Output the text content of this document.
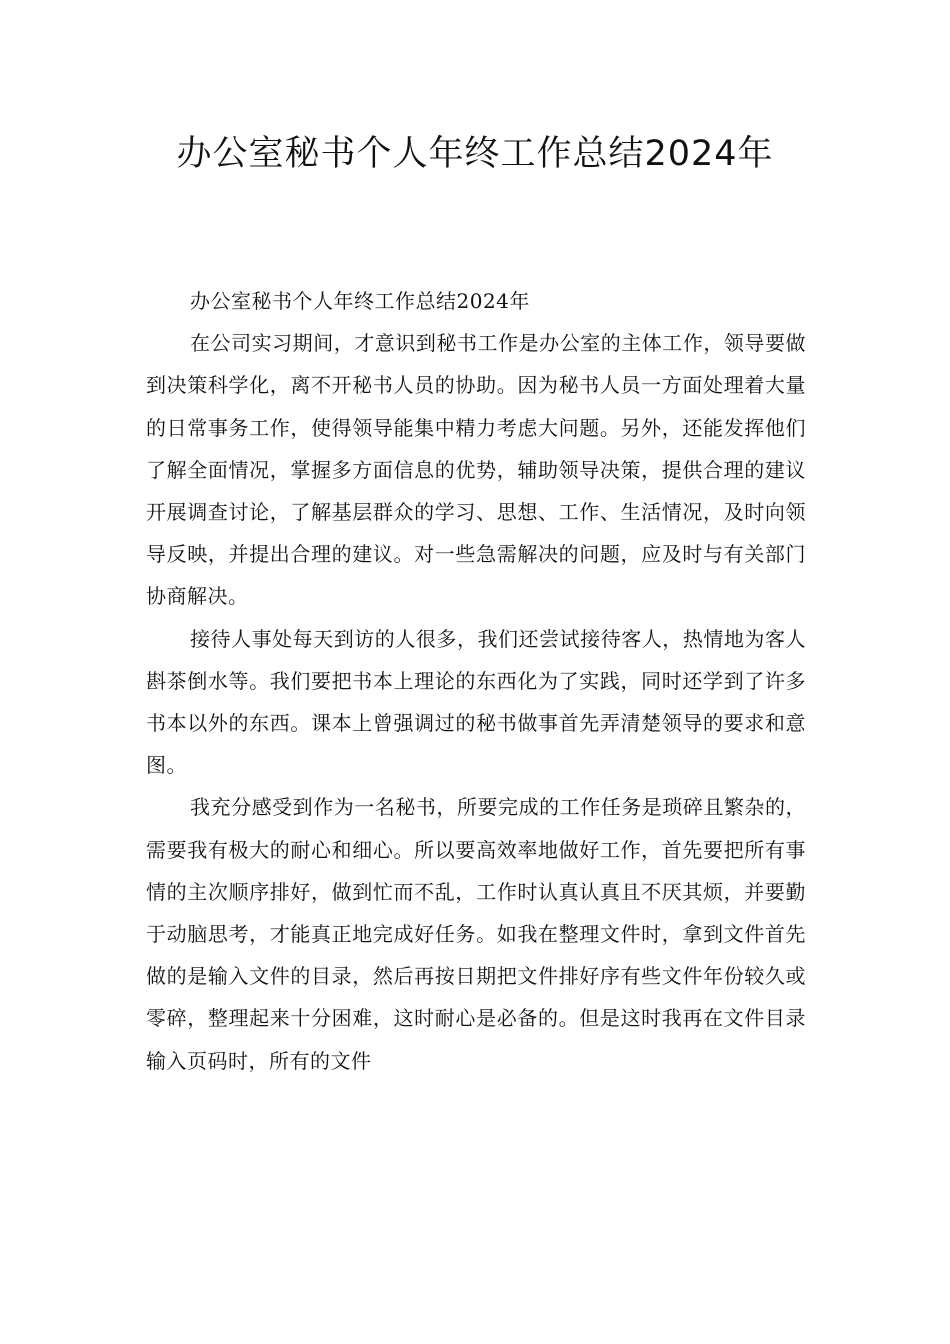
办公室秘书个人年终工作总结2024年

办公室秘书个人年终工作总结2024年

在公司实习期间，才意识到秘书工作是办公室的主体工作，领导要做到决策科学化，离不开秘书人员的协助。因为秘书人员一方面处理着大量的日常事务工作，使得领导能集中精力考虑大问题。另外，还能发挥他们了解全面情况，掌握多方面信息的优势，辅助领导决策，提供合理的建议开展调查讨论，了解基层群众的学习、思想、工作、生活情况，及时向领导反映，并提出合理的建议。对一些急需解决的问题，应及时与有关部门协商解决。

接待人事处每天到访的人很多，我们还尝试接待客人，热情地为客人斟茶倒水等。我们要把书本上理论的东西化为了实践，同时还学到了许多书本以外的东西。课本上曾强调过的秘书做事首先弄清楚领导的要求和意图。

我充分感受到作为一名秘书，所要完成的工作任务是琐碎且繁杂的，需要我有极大的耐心和细心。所以要高效率地做好工作，首先要把所有事情的主次顺序排好，做到忙而不乱，工作时认真认真且不厌其烦，并要勤于动脑思考，才能真正地完成好任务。如我在整理文件时，拿到文件首先做的是输入文件的目录，然后再按日期把文件排好序有些文件年份较久或零碎，整理起来十分困难，这时耐心是必备的。但是这时我再在文件目录输入页码时，所有的文件
